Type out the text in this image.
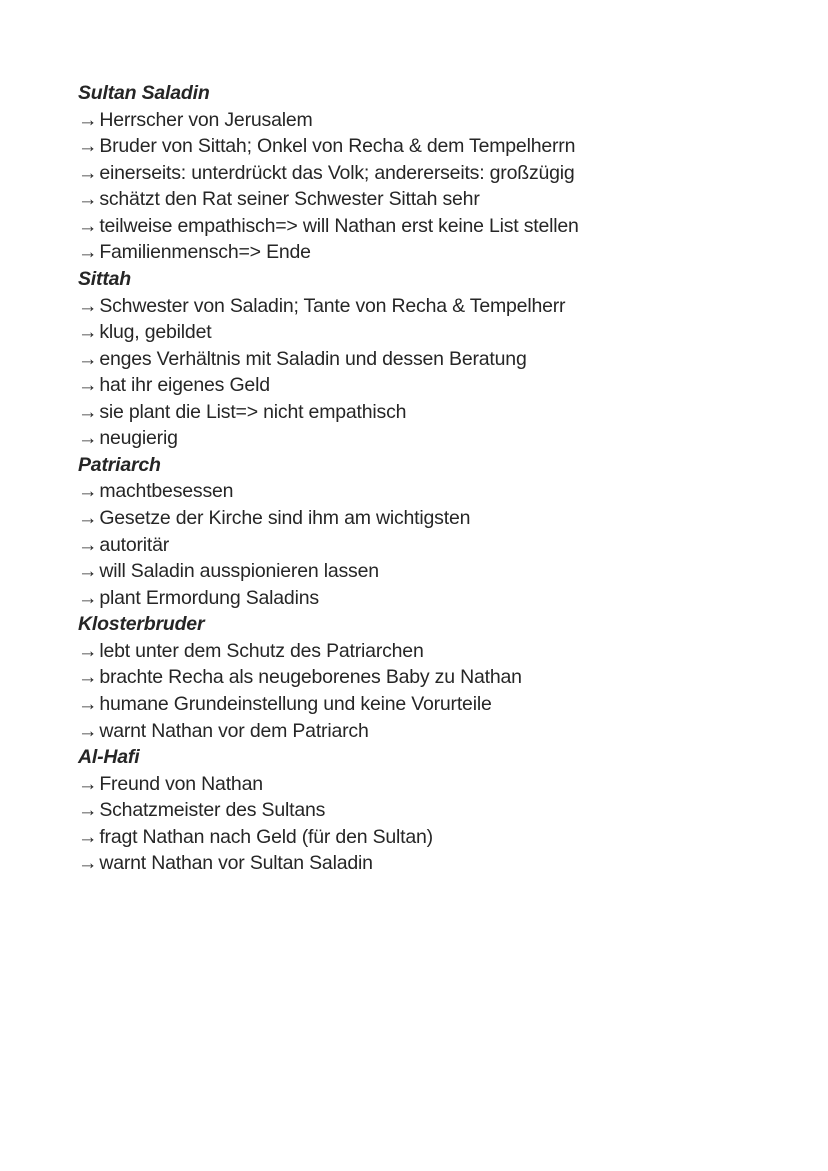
Sultan Saladin
→ Herrscher von Jerusalem
→ Bruder von Sittah; Onkel von Recha & dem Tempelherrn
→ einerseits: unterdrückt das Volk; andererseits: großzügig
→ schätzt den Rat seiner Schwester Sittah sehr
→ teilweise empathisch=> will Nathan erst keine List stellen
→ Familienmensch=> Ende
Sittah
→ Schwester von Saladin; Tante von Recha & Tempelherr
→ klug, gebildet
→ enges Verhältnis mit Saladin und dessen Beratung
→ hat ihr eigenes Geld
→ sie plant die List=> nicht empathisch
→ neugierig
Patriarch
→ machtbesessen
→ Gesetze der Kirche sind ihm am wichtigsten
→ autoritär
→ will Saladin ausspionieren lassen
→ plant Ermordung Saladins
Klosterbruder
→ lebt unter dem Schutz des Patriarchen
→ brachte Recha als neugeborenes Baby zu Nathan
→ humane Grundeinstellung und keine Vorurteile
→ warnt Nathan vor dem Patriarch
Al-Hafi
→ Freund von Nathan
→ Schatzmeister des Sultans
→ fragt Nathan nach Geld (für den Sultan)
→ warnt Nathan vor Sultan Saladin
